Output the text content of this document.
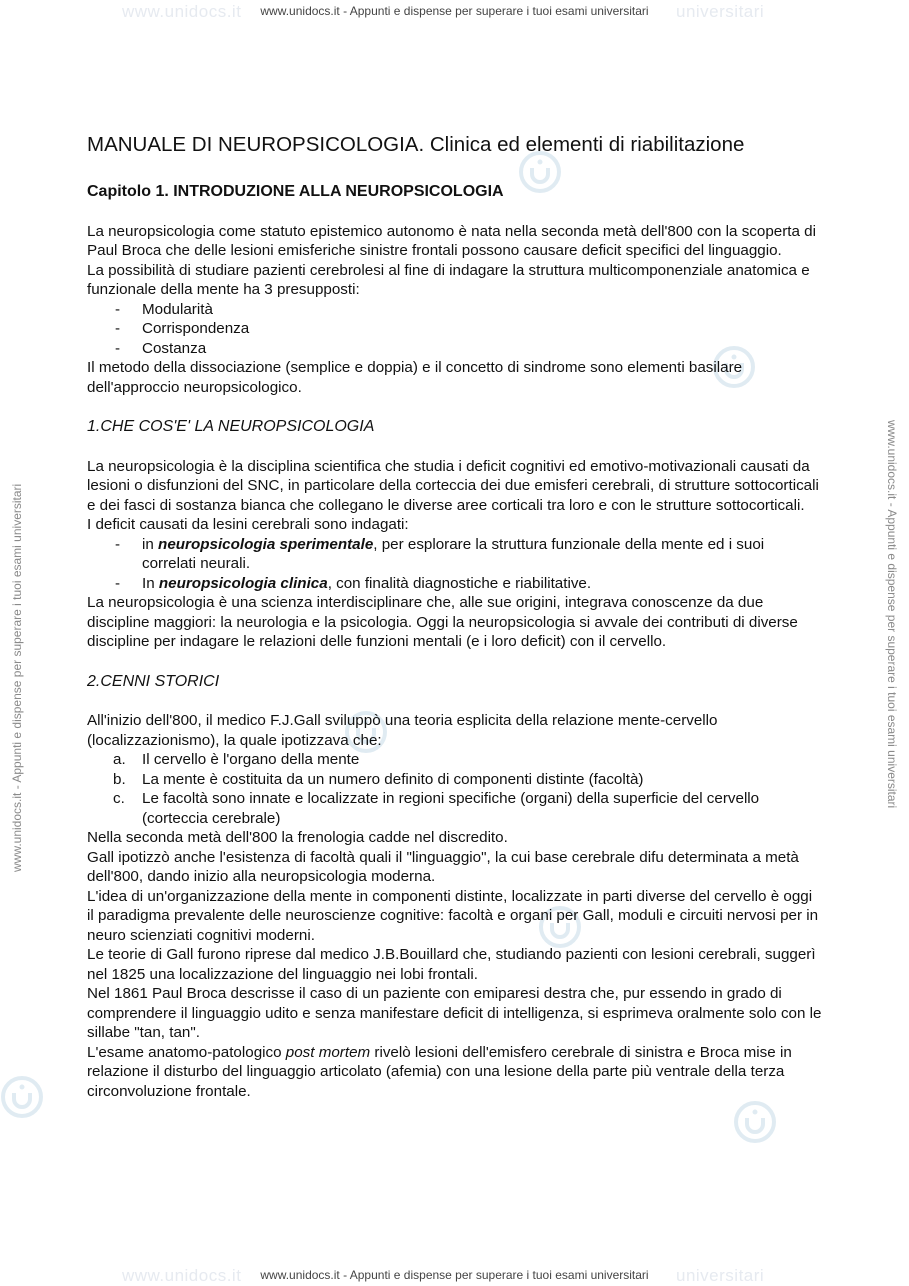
www.unidocs.it	universitari
www.unidocs.it - Appunti e dispense per superare i tuoi esami universitari
www.unidocs.it	universitari
www.unidocs.it - Appunti e dispense per superare i tuoi esami universitari
www.unidocs.it - Appunti e dispense per superare i tuoi esami universitari	www.unidocs.it - Appunti e dispense per superare i tuoi esami universitari
MANUALE DI NEUROPSICOLOGIA. Clinica ed elementi di riabilitazione
Capitolo 1. INTRODUZIONE ALLA NEUROPSICOLOGIA

La neuropsicologia come statuto epistemico autonomo è nata nella seconda metà dell'800 con la scoperta di Paul Broca che delle lesioni emisferiche sinistre frontali possono causare deficit specifici del linguaggio.

La possibilità di studiare pazienti cerebrolesi al fine di indagare la struttura multicomponenziale anatomica e funzionale della mente ha 3 presupposti:

- Modularità
- Corrispondenza
- Costanza

Il metodo della dissociazione (semplice e doppia) e il concetto di sindrome sono elementi basilare dell'approccio neuropsicologico.

1.CHE COS'E' LA NEUROPSICOLOGIA

La neuropsicologia è la disciplina scientifica che studia i deficit cognitivi ed emotivo-motivazionali causati da lesioni o disfunzioni del SNC, in particolare della corteccia dei due emisferi cerebrali, di strutture sottocorticali e dei fasci di sostanza bianca che collegano le diverse aree corticali tra loro e con le strutture sottocorticali.

I deficit causati da lesini cerebrali sono indagati:

- in neuropsicologia sperimentale, per esplorare la struttura funzionale della mente ed i suoi correlati neurali.
- In neuropsicologia clinica, con finalità diagnostiche e riabilitative.

La neuropsicologia è una scienza interdisciplinare che, alle sue origini, integrava conoscenze da due discipline maggiori: la neurologia e la psicologia. Oggi la neuropsicologia si avvale dei contributi di diverse discipline per indagare le relazioni delle funzioni mentali (e i loro deficit) con il cervello.

2.CENNI STORICI

All'inizio dell'800, il medico F.J.Gall sviluppò una teoria esplicita della relazione mente-cervello (localizzazionismo), la quale ipotizzava che:

a. Il cervello è l'organo della mente
b. La mente è costituita da un numero definito di componenti distinte (facoltà)
c. Le facoltà sono innate e localizzate in regioni specifiche (organi) della superficie del cervello (corteccia cerebrale)

Nella seconda metà dell'800 la frenologia cadde nel discredito.

Gall ipotizzò anche l'esistenza di facoltà quali il "linguaggio", la cui base cerebrale difu determinata a metà dell'800, dando inizio alla neuropsicologia moderna.

L'idea di un'organizzazione della mente in componenti distinte, localizzate in parti diverse del cervello è oggi il paradigma prevalente delle neuroscienze cognitive: facoltà e organi per Gall, moduli e circuiti nervosi per in neuro scienziati cognitivi moderni.

Le teorie di Gall furono riprese dal medico J.B.Bouillard che, studiando pazienti con lesioni cerebrali, suggerì nel 1825 una localizzazione del linguaggio nei lobi frontali.

Nel 1861 Paul Broca descrisse il caso di un paziente con emiparesi destra che, pur essendo in grado di comprendere il linguaggio udito e senza manifestare deficit di intelligenza, si esprimeva oralmente solo con le sillabe "tan, tan".

L'esame anatomo-patologico post mortem rivelò lesioni dell'emisfero cerebrale di sinistra e Broca mise in relazione il disturbo del linguaggio articolato (afemia) con una lesione della parte più ventrale della terza circonvoluzione frontale.
